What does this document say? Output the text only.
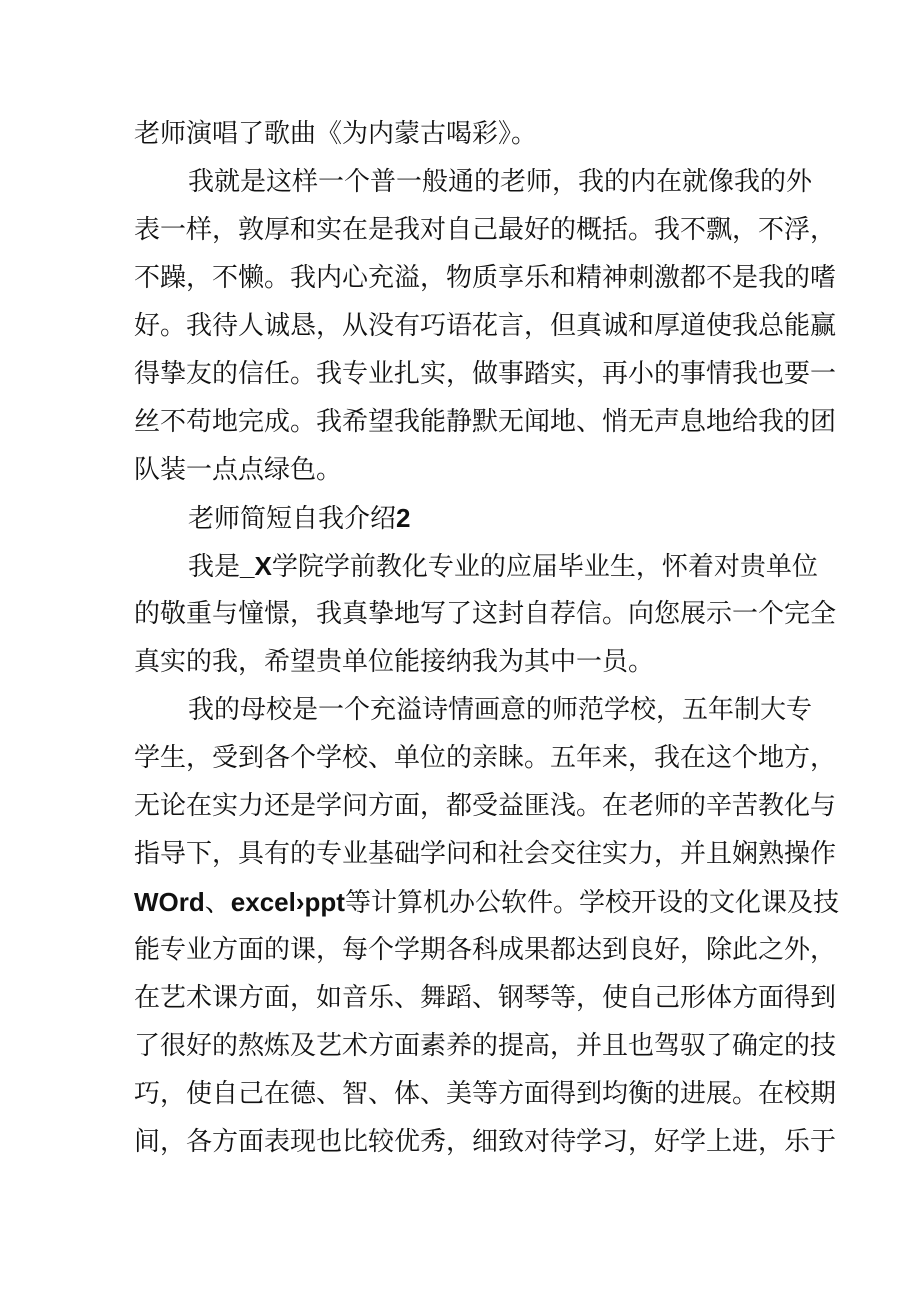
老师演唱了歌曲《为内蒙古喝彩》。

我就是这样一个普一般通的老师，我的内在就像我的外

表一样，敦厚和实在是我对自己最好的概括。我不飘，不浮，

不躁，不懒。我内心充溢，物质享乐和精神刺激都不是我的嗜

好。我待人诚恳，从没有巧语花言，但真诚和厚道使我总能赢

得挚友的信任。我专业扎实，做事踏实，再小的事情我也要一

丝不苟地完成。我希望我能静默无闻地、悄无声息地给我的团

队装一点点绿色。

老师简短自我介绍2

我是_X学院学前教化专业的应届毕业生，怀着对贵单位

的敬重与憧憬，我真挚地写了这封自荐信。向您展示一个完全

真实的我，希望贵单位能接纳我为其中一员。

我的母校是一个充溢诗情画意的师范学校，五年制大专

学生，受到各个学校、单位的亲睐。五年来，我在这个地方，

无论在实力还是学问方面，都受益匪浅。在老师的辛苦教化与

指导下，具有的专业基础学问和社会交往实力，并且娴熟操作

WOrd、excel›ppt等计算机办公软件。学校开设的文化课及技

能专业方面的课，每个学期各科成果都达到良好，除此之外，

在艺术课方面，如音乐、舞蹈、钢琴等，使自己形体方面得到

了很好的熬炼及艺术方面素养的提高，并且也驾驭了确定的技

巧，使自己在德、智、体、美等方面得到均衡的进展。在校期

间，各方面表现也比较优秀，细致对待学习，好学上进，乐于
